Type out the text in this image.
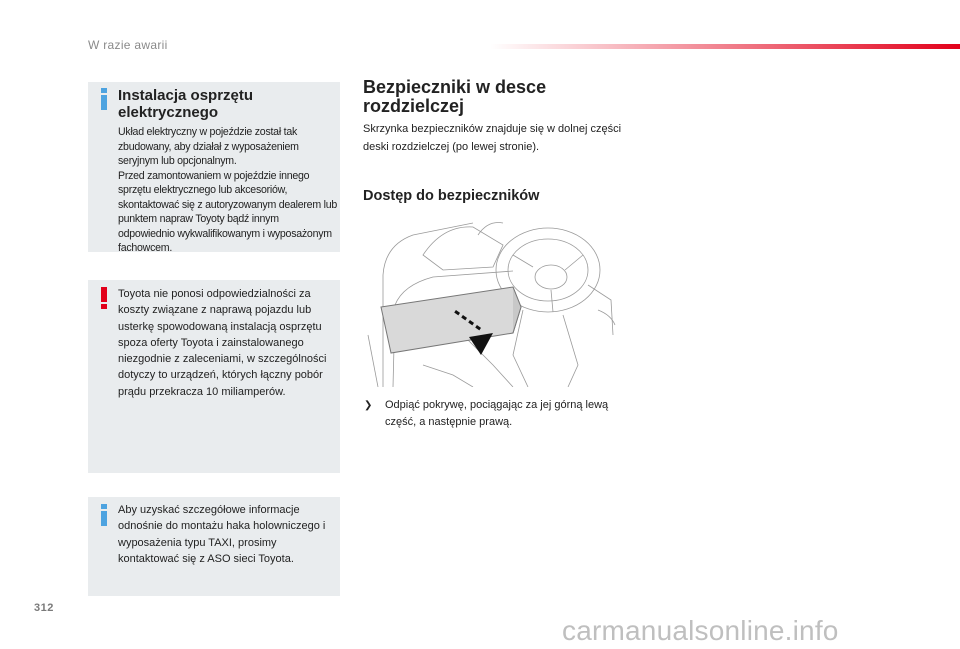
W razie awarii
Instalacja osprzętu elektrycznego
Układ elektryczny w pojeździe został tak zbudowany, aby działał z wyposażeniem seryjnym lub opcjonalnym.
Przed zamontowaniem w pojeździe innego sprzętu elektrycznego lub akcesoriów, skontaktować się z autoryzowanym dealerem lub punktem napraw Toyoty bądź innym odpowiednio wykwalifikowanym i wyposażonym fachowcem.
Toyota nie ponosi odpowiedzialności za koszty związane z naprawą pojazdu lub usterkę spowodowaną instalacją osprzętu spoza oferty Toyota i zainstalowanego niezgodnie z zaleceniami, w szczególności dotyczy to urządzeń, których łączny pobór prądu przekracza 10 miliamperów.
Aby uzyskać szczegółowe informacje odnośnie do montażu haka holowniczego i wyposażenia typu TAXI, prosimy kontaktować się z ASO sieci Toyota.
Bezpieczniki w desce rozdzielczej
Skrzynka bezpieczników znajduje się w dolnej części deski rozdzielczej (po lewej stronie).
Dostęp do bezpieczników
❯ Odpiąć pokrywę, pociągając za jej górną lewą część, a następnie prawą.
312
carmanualsonline.info
